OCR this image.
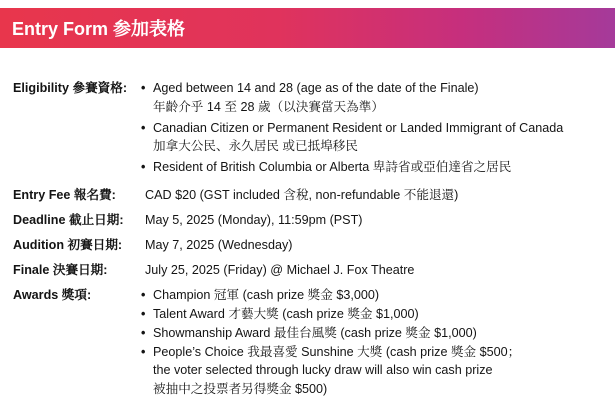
Entry Form 参加表格
Eligibility 參賽資格: • Aged between 14 and 28 (age as of the date of the Finale)
年齡介乎 14 至 28 歲（以決賽當天為準）
• Canadian Citizen or Permanent Resident or Landed Immigrant of Canada
加拿大公民、永久居民 或已抵埠移民
• Resident of British Columbia or Alberta 卑詩省或亞伯達省之居民
Entry Fee 報名費: CAD $20 (GST included 含稅, non-refundable 不能退還)
Deadline 截止日期: May 5, 2025 (Monday), 11:59pm (PST)
Audition 初賽日期: May 7, 2025 (Wednesday)
Finale 決賽日期:	July 25, 2025 (Friday) @ Michael J. Fox Theatre
Awards 獎項:	• Champion 冠軍 (cash prize 獎金 $3,000)
• Talent Award 才藝大獎 (cash prize 獎金 $1,000)
• Showmanship Award 最佳台風獎 (cash prize 獎金 $1,000)
• People’s Choice 我最喜愛 Sunshine 大獎 (cash prize 獎金 $500；
the voter selected through lucky draw will also win cash prize
被抽中之投票者另得獎金 $500)
